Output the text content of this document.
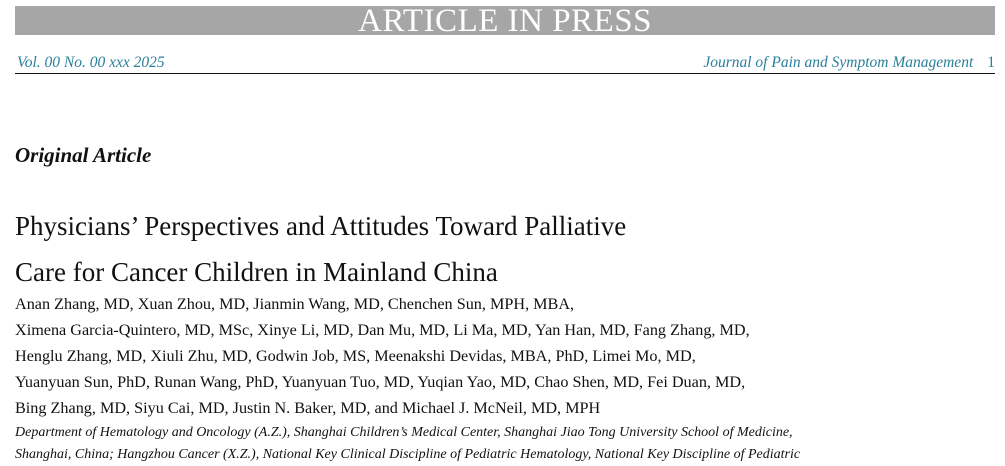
ARTICLE IN PRESS
Vol. 00 No. 00 xxx 2025	Journal of Pain and Symptom Management 1
Original Article
Physicians’ Perspectives and Attitudes Toward Palliative
Care for Cancer Children in Mainland China
Anan Zhang, MD, Xuan Zhou, MD, Jianmin Wang, MD, Chenchen Sun, MPH, MBA,
Ximena Garcia-Quintero, MD, MSc, Xinye Li, MD, Dan Mu, MD, Li Ma, MD, Yan Han, MD, Fang Zhang, MD,
Henglu Zhang, MD, Xiuli Zhu, MD, Godwin Job, MS, Meenakshi Devidas, MBA, PhD, Limei Mo, MD,
Yuanyuan Sun, PhD, Runan Wang, PhD, Yuanyuan Tuo, MD, Yuqian Yao, MD, Chao Shen, MD, Fei Duan, MD,
Bing Zhang, MD, Siyu Cai, MD, Justin N. Baker, MD, and Michael J. McNeil, MD, MPH
Department of Hematology and Oncology (A.Z.), Shanghai Children’s Medical Center, Shanghai Jiao Tong University School of Medicine,
Shanghai, China; Hangzhou Cancer (X.Z.), National Key Clinical Discipline of Pediatric Hematology, National Key Discipline of Pediatric
